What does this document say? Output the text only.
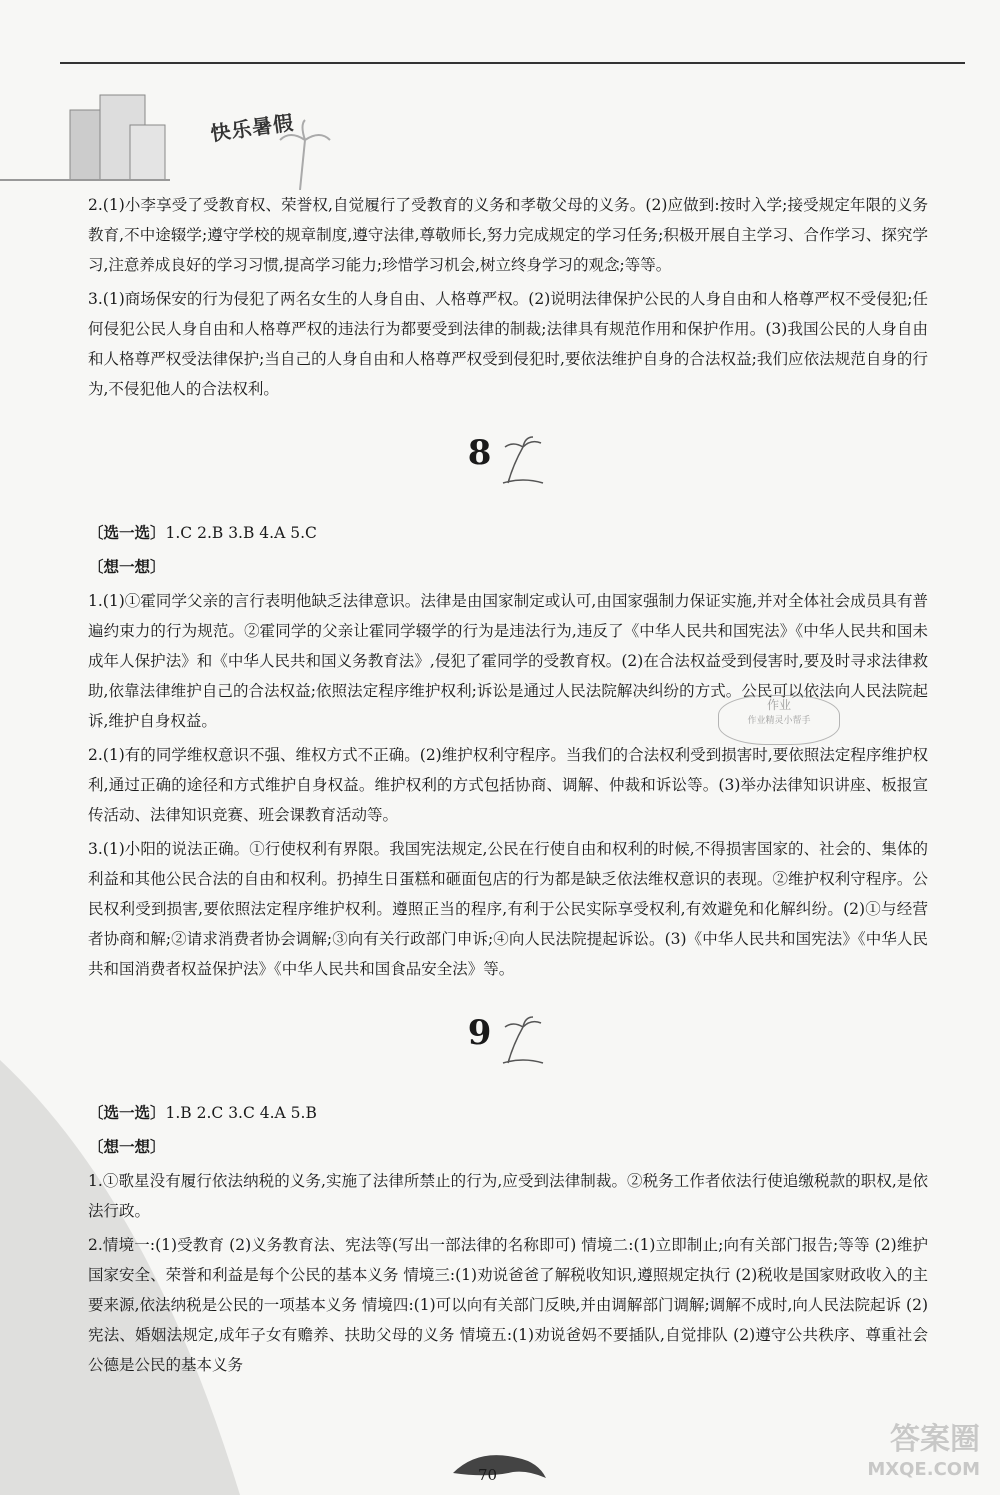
快乐暑假

2.(1)小李享受了受教育权、荣誉权,自觉履行了受教育的义务和孝敬父母的义务。(2)应做到:按时入学;接受规定年限的义务教育,不中途辍学;遵守学校的规章制度,遵守法律,尊敬师长,努力完成规定的学习任务;积极开展自主学习、合作学习、探究学习,注意养成良好的学习习惯,提高学习能力;珍惜学习机会,树立终身学习的观念;等等。

3.(1)商场保安的行为侵犯了两名女生的人身自由、人格尊严权。(2)说明法律保护公民的人身自由和人格尊严权不受侵犯;任何侵犯公民人身自由和人格尊严权的违法行为都要受到法律的制裁;法律具有规范作用和保护作用。(3)我国公民的人身自由和人格尊严权受法律保护;当自己的人身自由和人格尊严权受到侵犯时,要依法维护自身的合法权益;我们应依法规范自身的行为,不侵犯他人的合法权利。

8

〔选一选〕1.C 2.B 3.B 4.A 5.C

〔想一想〕

1.(1)①霍同学父亲的言行表明他缺乏法律意识。法律是由国家制定或认可,由国家强制力保证实施,并对全体社会成员具有普遍约束力的行为规范。②霍同学的父亲让霍同学辍学的行为是违法行为,违反了《中华人民共和国宪法》《中华人民共和国未成年人保护法》和《中华人民共和国义务教育法》,侵犯了霍同学的受教育权。(2)在合法权益受到侵害时,要及时寻求法律救助,依靠法律维护自己的合法权益;依照法定程序维护权利;诉讼是通过人民法院解决纠纷的方式。公民可以依法向人民法院起诉,维护自身权益。

2.(1)有的同学维权意识不强、维权方式不正确。(2)维护权利守程序。当我们的合法权利受到损害时,要依照法定程序维护权利,通过正确的途径和方式维护自身权益。维护权利的方式包括协商、调解、仲裁和诉讼等。(3)举办法律知识讲座、板报宣传活动、法律知识竞赛、班会课教育活动等。

3.(1)小阳的说法正确。①行使权利有界限。我国宪法规定,公民在行使自由和权利的时候,不得损害国家的、社会的、集体的利益和其他公民合法的自由和权利。扔掉生日蛋糕和砸面包店的行为都是缺乏依法维权意识的表现。②维护权利守程序。公民权利受到损害,要依照法定程序维护权利。遵照正当的程序,有利于公民实际享受权利,有效避免和化解纠纷。(2)①与经营者协商和解;②请求消费者协会调解;③向有关行政部门申诉;④向人民法院提起诉讼。(3)《中华人民共和国宪法》《中华人民共和国消费者权益保护法》《中华人民共和国食品安全法》等。

9

〔选一选〕1.B 2.C 3.C 4.A 5.B

〔想一想〕

1.①歌星没有履行依法纳税的义务,实施了法律所禁止的行为,应受到法律制裁。②税务工作者依法行使追缴税款的职权,是依法行政。

2.情境一:(1)受教育 (2)义务教育法、宪法等(写出一部法律的名称即可) 情境二:(1)立即制止;向有关部门报告;等等 (2)维护国家安全、荣誉和利益是每个公民的基本义务 情境三:(1)劝说爸爸了解税收知识,遵照规定执行 (2)税收是国家财政收入的主要来源,依法纳税是公民的一项基本义务 情境四:(1)可以向有关部门反映,并由调解部门调解;调解不成时,向人民法院起诉 (2)宪法、婚姻法规定,成年子女有赡养、扶助父母的义务 情境五:(1)劝说爸妈不要插队,自觉排队 (2)遵守公共秩序、尊重社会公德是公民的基本义务

作业
作业精灵小帮手
70
答案圈
MXQE.COM
